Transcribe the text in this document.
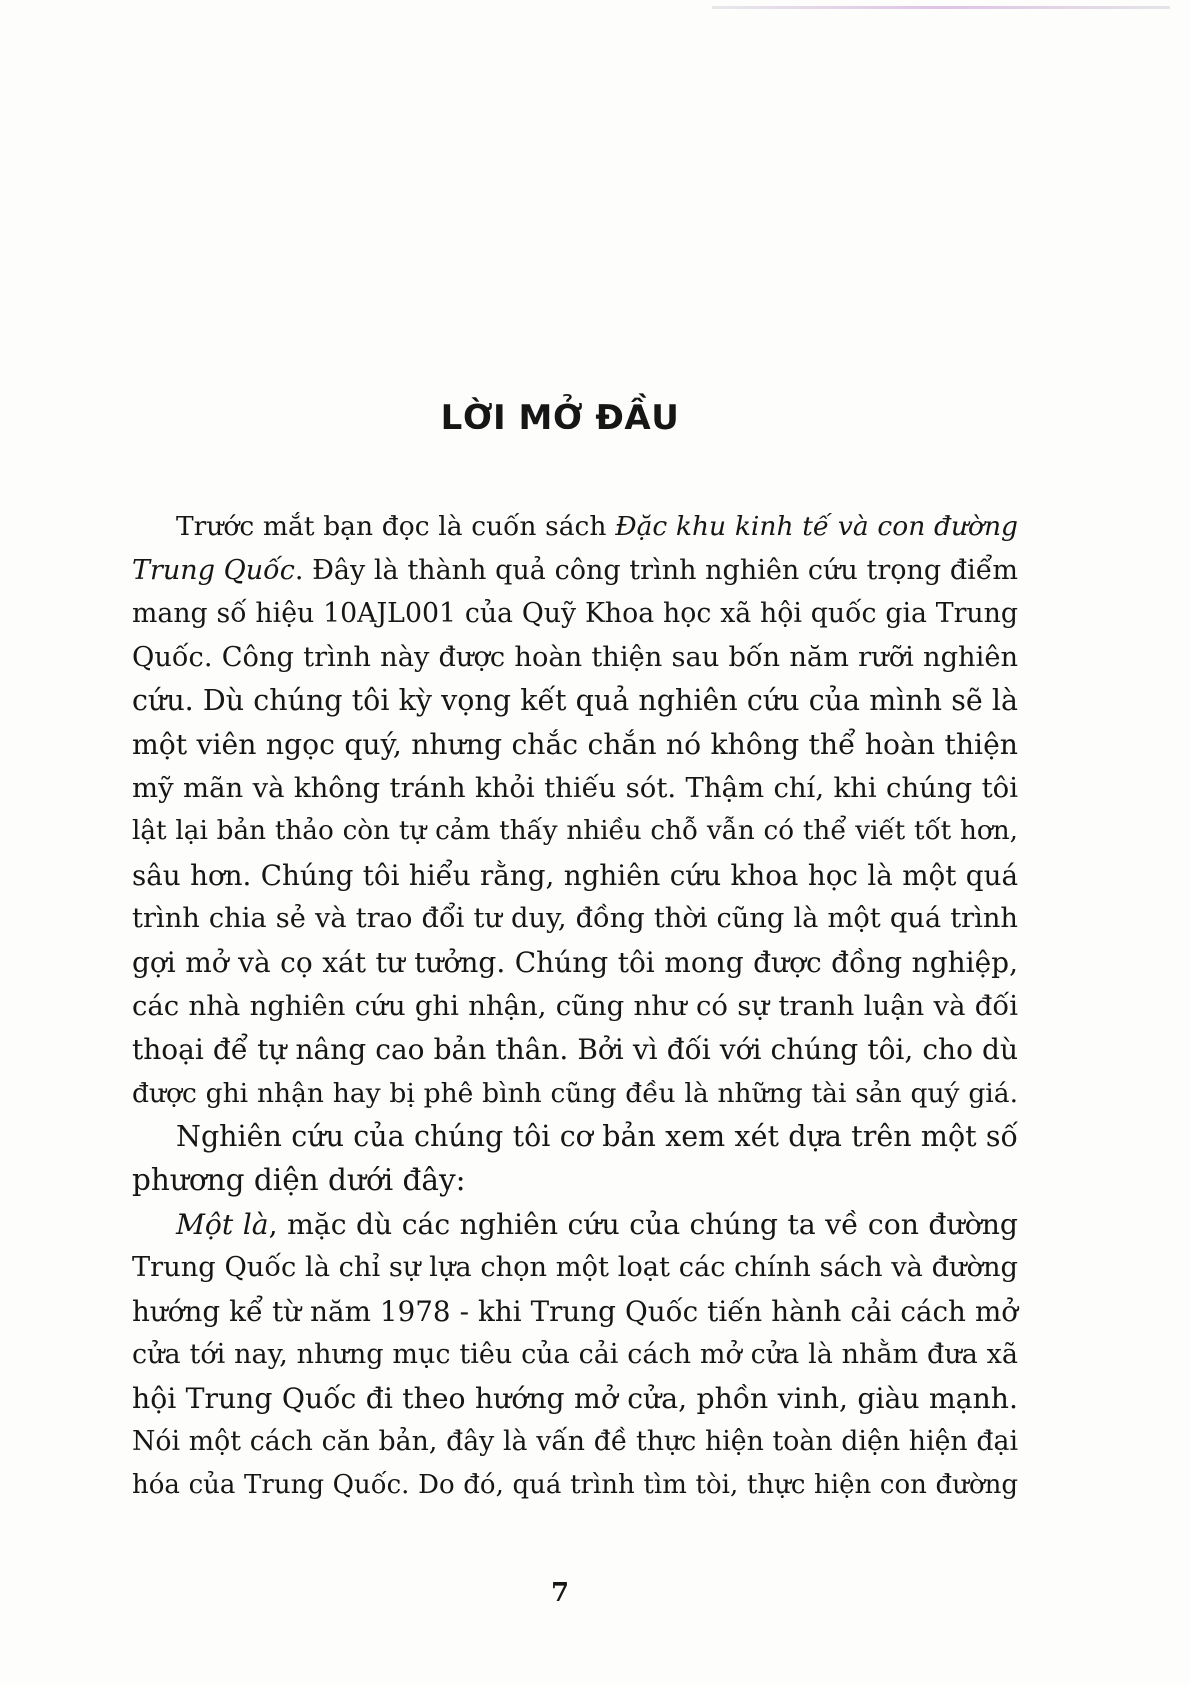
LỜI MỞ ĐẦU
Trước mắt bạn đọc là cuốn sách Đặc khu kinh tế và con đường
Trung Quốc. Đây là thành quả công trình nghiên cứu trọng điểm
mang số hiệu 10AJL001 của Quỹ Khoa học xã hội quốc gia Trung
Quốc. Công trình này được hoàn thiện sau bốn năm rưỡi nghiên
cứu. Dù chúng tôi kỳ vọng kết quả nghiên cứu của mình sẽ là
một viên ngọc quý, nhưng chắc chắn nó không thể hoàn thiện
mỹ mãn và không tránh khỏi thiếu sót. Thậm chí, khi chúng tôi
lật lại bản thảo còn tự cảm thấy nhiều chỗ vẫn có thể viết tốt hơn,
sâu hơn. Chúng tôi hiểu rằng, nghiên cứu khoa học là một quá
trình chia sẻ và trao đổi tư duy, đồng thời cũng là một quá trình
gợi mở và cọ xát tư tưởng. Chúng tôi mong được đồng nghiệp,
các nhà nghiên cứu ghi nhận, cũng như có sự tranh luận và đối
thoại để tự nâng cao bản thân. Bởi vì đối với chúng tôi, cho dù
được ghi nhận hay bị phê bình cũng đều là những tài sản quý giá.
Nghiên cứu của chúng tôi cơ bản xem xét dựa trên một số
phương diện dưới đây:
Một là, mặc dù các nghiên cứu của chúng ta về con đường
Trung Quốc là chỉ sự lựa chọn một loạt các chính sách và đường
hướng kể từ năm 1978 - khi Trung Quốc tiến hành cải cách mở
cửa tới nay, nhưng mục tiêu của cải cách mở cửa là nhằm đưa xã
hội Trung Quốc đi theo hướng mở cửa, phồn vinh, giàu mạnh.
Nói một cách căn bản, đây là vấn đề thực hiện toàn diện hiện đại
hóa của Trung Quốc. Do đó, quá trình tìm tòi, thực hiện con đường
7
